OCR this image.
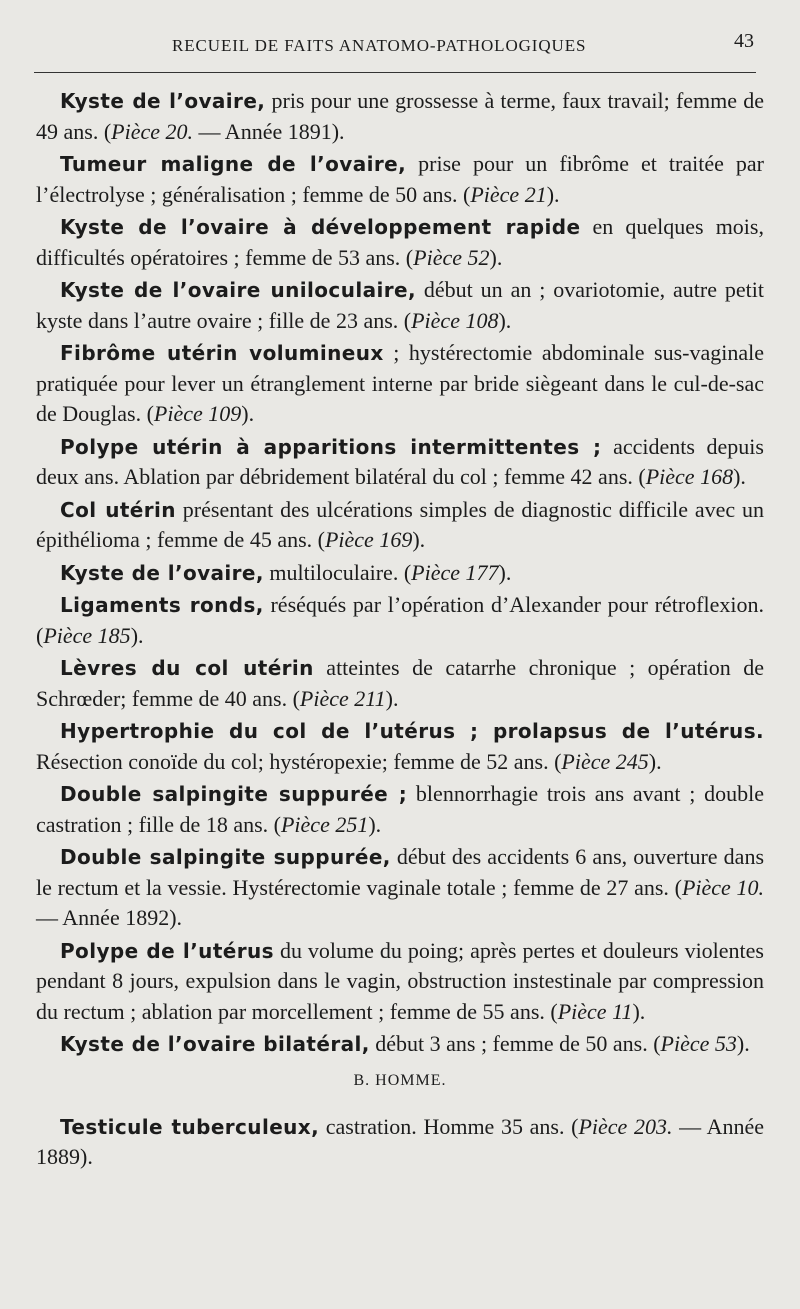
RECUEIL DE FAITS ANATOMO-PATHOLOGIQUES	43

Kyste de l’ovaire, pris pour une grossesse à terme, faux travail; femme de 49 ans. (Pièce 20. — Année 1891).

Tumeur maligne de l’ovaire, prise pour un fibrôme et traitée par l’électrolyse ; généralisation ; femme de 50 ans. (Pièce 21).

Kyste de l’ovaire à développement rapide en quelques mois, difficultés opératoires ; femme de 53 ans. (Pièce 52).

Kyste de l’ovaire uniloculaire, début un an ; ovariotomie, autre petit kyste dans l’autre ovaire ; fille de 23 ans. (Pièce 108).

Fibrôme utérin volumineux ; hystérectomie abdominale sus-vaginale pratiquée pour lever un étranglement interne par bride siègeant dans le cul-de-sac de Douglas. (Pièce 109).

Polype utérin à apparitions intermittentes ; accidents depuis deux ans. Ablation par débridement bilatéral du col ; femme 42 ans. (Pièce 168).

Col utérin présentant des ulcérations simples de diagnostic difficile avec un épithélioma ; femme de 45 ans. (Pièce 169).

Kyste de l’ovaire, multiloculaire. (Pièce 177).

Ligaments ronds, réséqués par l’opération d’Alexander pour rétroflexion. (Pièce 185).

Lèvres du col utérin atteintes de catarrhe chronique ; opération de Schrœder; femme de 40 ans. (Pièce 211).

Hypertrophie du col de l’utérus ; prolapsus de l’utérus. Résection conoïde du col; hystéropexie; femme de 52 ans. (Pièce 245).

Double salpingite suppurée ; blennorrhagie trois ans avant ; double castration ; fille de 18 ans. (Pièce 251).

Double salpingite suppurée, début des accidents 6 ans, ouverture dans le rectum et la vessie. Hystérectomie vaginale totale ; femme de 27 ans. (Pièce 10. — Année 1892).

Polype de l’utérus du volume du poing; après pertes et douleurs violentes pendant 8 jours, expulsion dans le vagin, obstruction instestinale par compression du rectum ; ablation par morcellement ; femme de 55 ans. (Pièce 11).

Kyste de l’ovaire bilatéral, début 3 ans ; femme de 50 ans. (Pièce 53).

B. HOMME.

Testicule tuberculeux, castration. Homme 35 ans. (Pièce 203. — Année 1889).
